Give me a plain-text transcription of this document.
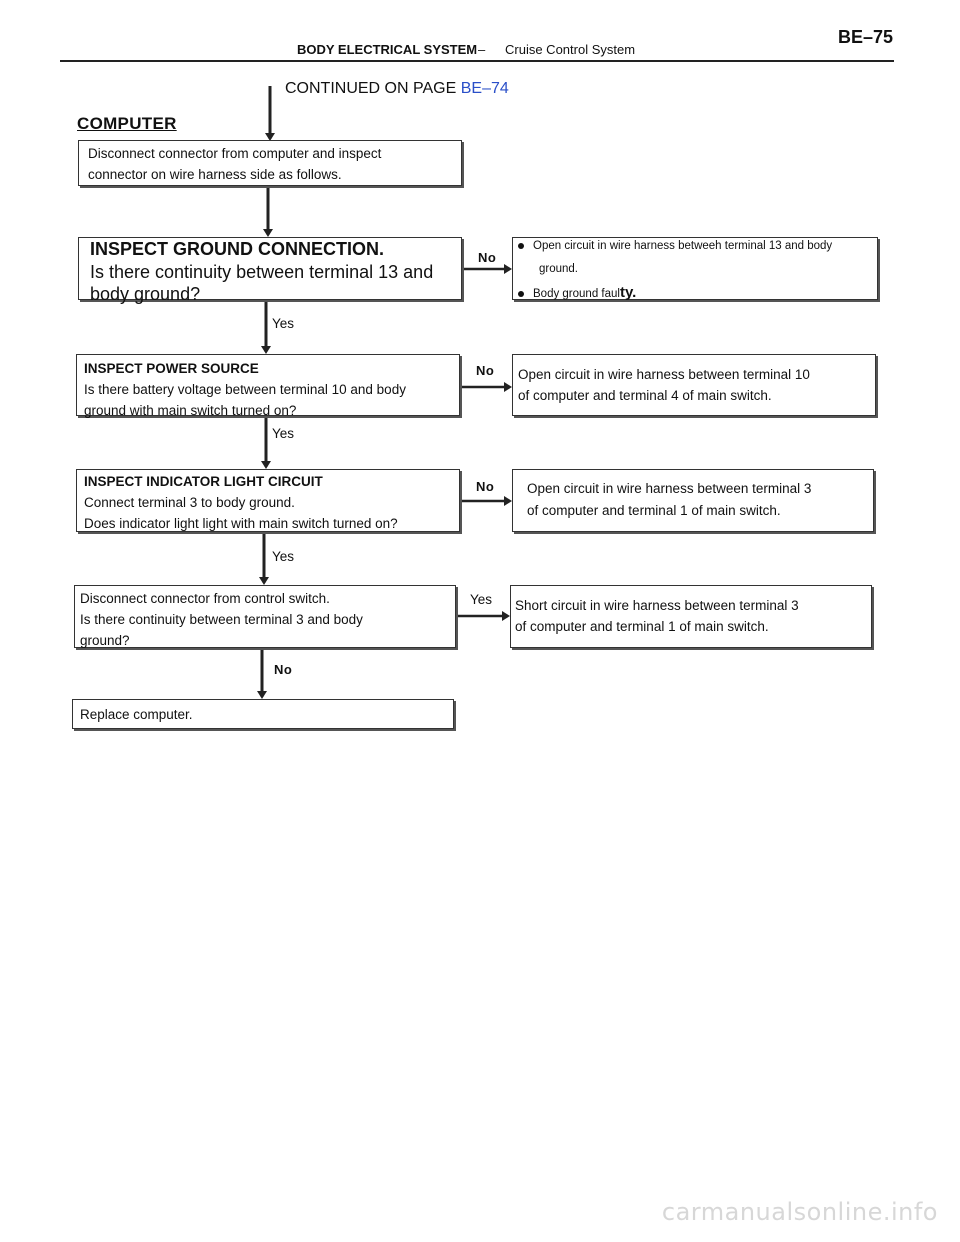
BODY ELECTRICAL SYSTEM – Cruise Control System
BE–75
CONTINUED ON PAGE BE–74
COMPUTER
Disconnect connector from computer and inspect
connector on wire harness side as follows.
INSPECT GROUND CONNECTION.
Is there continuity between terminal 13 and
body ground?
Open circuit in wire harness betweeh terminal 13 and body
ground.
Body ground faulty.
Yes
No
INSPECT POWER SOURCE
Is there battery voltage between terminal 10 and body
ground with main switch turned on?
Open circuit in wire harness between terminal 10
of computer and terminal 4 of main switch.
No
Yes
INSPECT INDICATOR LIGHT CIRCUIT
Connect terminal 3 to body ground.
Does indicator light light with main switch turned on?
Open circuit in wire harness between terminal 3
of computer and terminal 1 of main switch.
No
Yes
Disconnect connector from control switch.
Is there continuity between terminal 3 and body
ground?
Yes Short circuit in wire harness between terminal 3
of computer and terminal 1 of main switch.
No
Replace computer.
carmanualsonline.info
